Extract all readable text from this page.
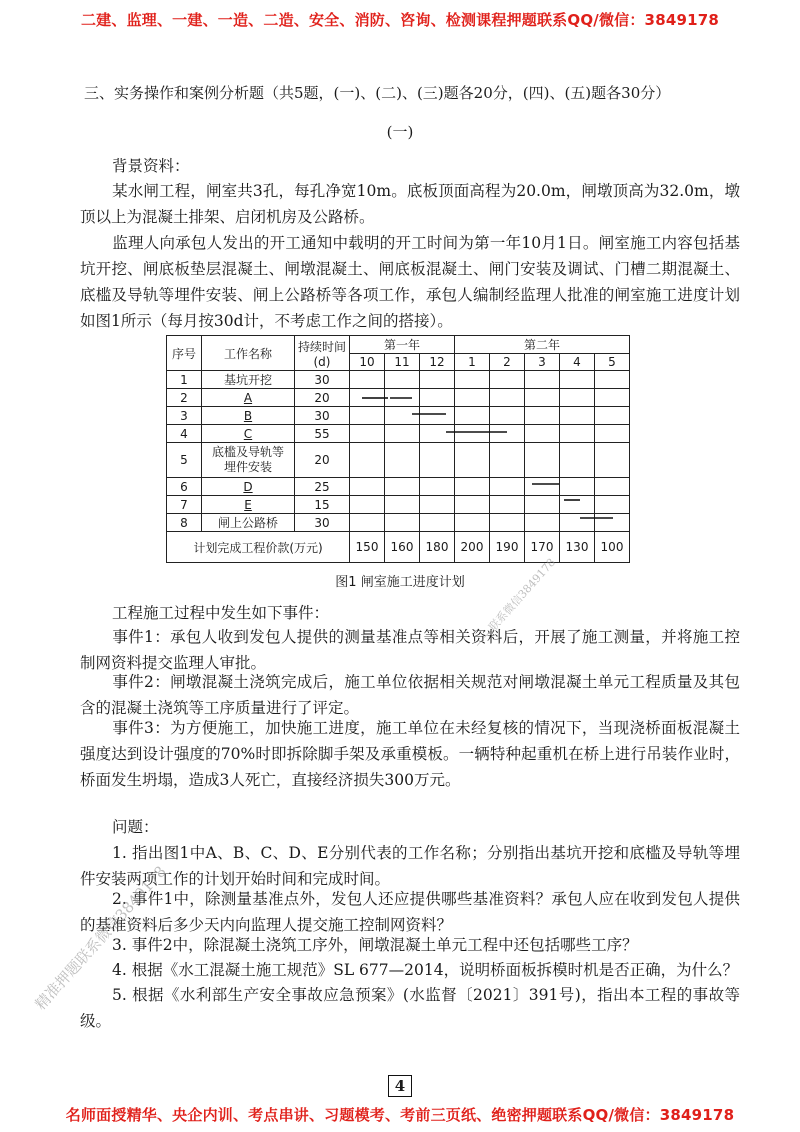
二建、监理、一建、一造、二造、安全、消防、咨询、检测课程押题联系QQ/微信：3849178
三、实务操作和案例分析题（共5题，(一)、(二)、(三)题各20分，(四)、(五)题各30分）
(一)
背景资料：
某水闸工程，闸室共3孔，每孔净宽10m。底板顶面高程为20.0m，闸墩顶高为32.0m，墩顶以上为混凝土排架、启闭机房及公路桥。
监理人向承包人发出的开工通知中载明的开工时间为第一年10月1日。闸室施工内容包括基坑开挖、闸底板垫层混凝土、闸墩混凝土、闸底板混凝土、闸门安装及调试、门槽二期混凝土、底槛及导轨等埋件安装、闸上公路桥等各项工作，承包人编制经监理人批准的闸室施工进度计划如图1所示（每月按30d计，不考虑工作之间的搭接）。
序号	工作名称	持续时间(d)	第一年			第二年				
			10	11	12	1	2	3	4	5
1	基坑开挖	30								
2	A	20								
3	B	30								
4	C	55								
5	底槛及导轨等埋件安装	20								
6	D	25								
7	E	15								
8	闸上公路桥	30								
计划完成工程价款(万元)			150	160	180	200	190	170	130	100
图1 闸室施工进度计划
工程施工过程中发生如下事件：
事件1：承包人收到发包人提供的测量基准点等相关资料后，开展了施工测量，并将施工控制网资料提交监理人审批。
事件2：闸墩混凝土浇筑完成后，施工单位依据相关规范对闸墩混凝土单元工程质量及其包含的混凝土浇筑等工序质量进行了评定。
事件3：为方便施工，加快施工进度，施工单位在未经复核的情况下，当现浇桥面板混凝土强度达到设计强度的70%时即拆除脚手架及承重模板。一辆特种起重机在桥上进行吊装作业时，桥面发生坍塌，造成3人死亡，直接经济损失300万元。
问题：
1. 指出图1中A、B、C、D、E分别代表的工作名称；分别指出基坑开挖和底槛及导轨等埋件安装两项工作的计划开始时间和完成时间。
2. 事件1中，除测量基准点外，发包人还应提供哪些基准资料？承包人应在收到发包人提供的基准资料后多少天内向监理人提交施工控制网资料？
3. 事件2中，除混凝土浇筑工序外，闸墩混凝土单元工程中还包括哪些工序？
4. 根据《水工混凝土施工规范》SL 677—2014，说明桥面板拆模时机是否正确，为什么？
5. 根据《水利部生产安全事故应急预案》(水监督〔2021〕391号)，指出本工程的事故等级。
精准押题联系微信3849178
——联系微信3849178
4
名师面授精华、央企内训、考点串讲、习题模考、考前三页纸、绝密押题联系QQ/微信：3849178
